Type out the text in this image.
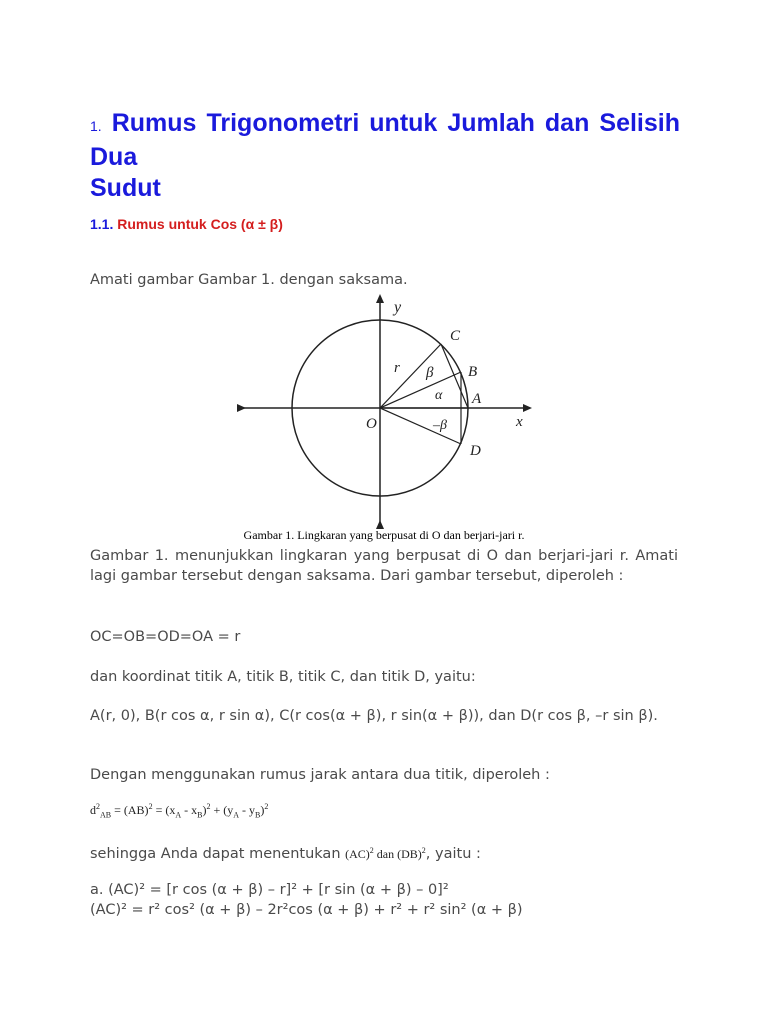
1. Rumus Trigonometri untuk Jumlah dan Selisih Dua
Sudut
1.1. Rumus untuk Cos (α ± β)

Amati gambar Gambar 1. dengan saksama.

y
x
O
r
C
B
A
D
β
α
–β

Gambar 1. Lingkaran yang berpusat di O dan berjari-jari r.

Gambar 1. menunjukkan lingkaran yang berpusat di O dan berjari-jari r. Amati lagi gambar tersebut dengan saksama. Dari gambar tersebut, diperoleh :

OC=OB=OD=OA = r

dan koordinat titik A, titik B, titik C, dan titik D, yaitu:

A(r, 0), B(r cos α, r sin α), C(r cos(α + β), r sin(α + β)), dan D(r cos β, –r sin β).

Dengan menggunakan rumus jarak antara dua titik, diperoleh :

$d^2_{AB} = (AB)^2 = (x_A - x_B)^2 + (y_A - y_B)^2$

sehingga Anda dapat menentukan (AC)$^2$ dan (DB)$^2$, yaitu :

a. (AC)² = [r cos (α + β) – r]² + [r sin (α + β) – 0]²

(AC)² = r² cos² (α + β) – 2r²cos (α + β) + r² + r² sin² (α + β)
